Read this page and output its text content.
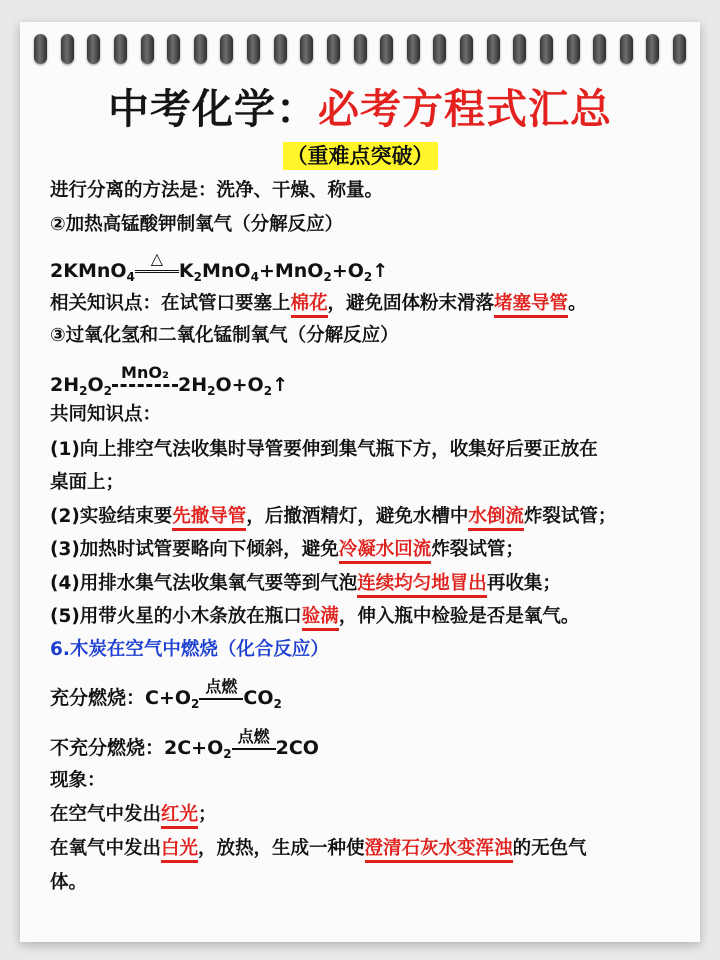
中考化学：必考方程式汇总
（重难点突破）
进行分离的方法是：洗净、干燥、称量。
②加热高锰酸钾制氧气（分解反应）
2KMnO$_4$
△
$K_2MnO_4+MnO_2+O_2↑$
相关知识点：在试管口要塞上棉花，避免固体粉末滑落堵塞导管。
③过氧化氢和二氧化锰制氧气（分解反应）
$2H_2O_2$
MnO₂
$2H_2O+O_2↑$
共同知识点：
(1)向上排空气法收集时导管要伸到集气瓶下方，收集好后要正放在
桌面上；
(2)实验结束要先撤导管，后撤酒精灯，避免水槽中水倒流炸裂试管；
(3)加热时试管要略向下倾斜，避免冷凝水回流炸裂试管；
(4)用排水集气法收集氧气要等到气泡连续均匀地冒出再收集；
(5)用带火星的小木条放在瓶口验满，伸入瓶中检验是否是氧气。
6.木炭在空气中燃烧（化合反应）
充分燃烧：$C+O_2$
点燃
$CO_2$
不充分燃烧：$2C+O_2$
点燃
2CO
现象：
在空气中发出红光；
在氧气中发出白光，放热，生成一种使澄清石灰水变浑浊的无色气
体。
